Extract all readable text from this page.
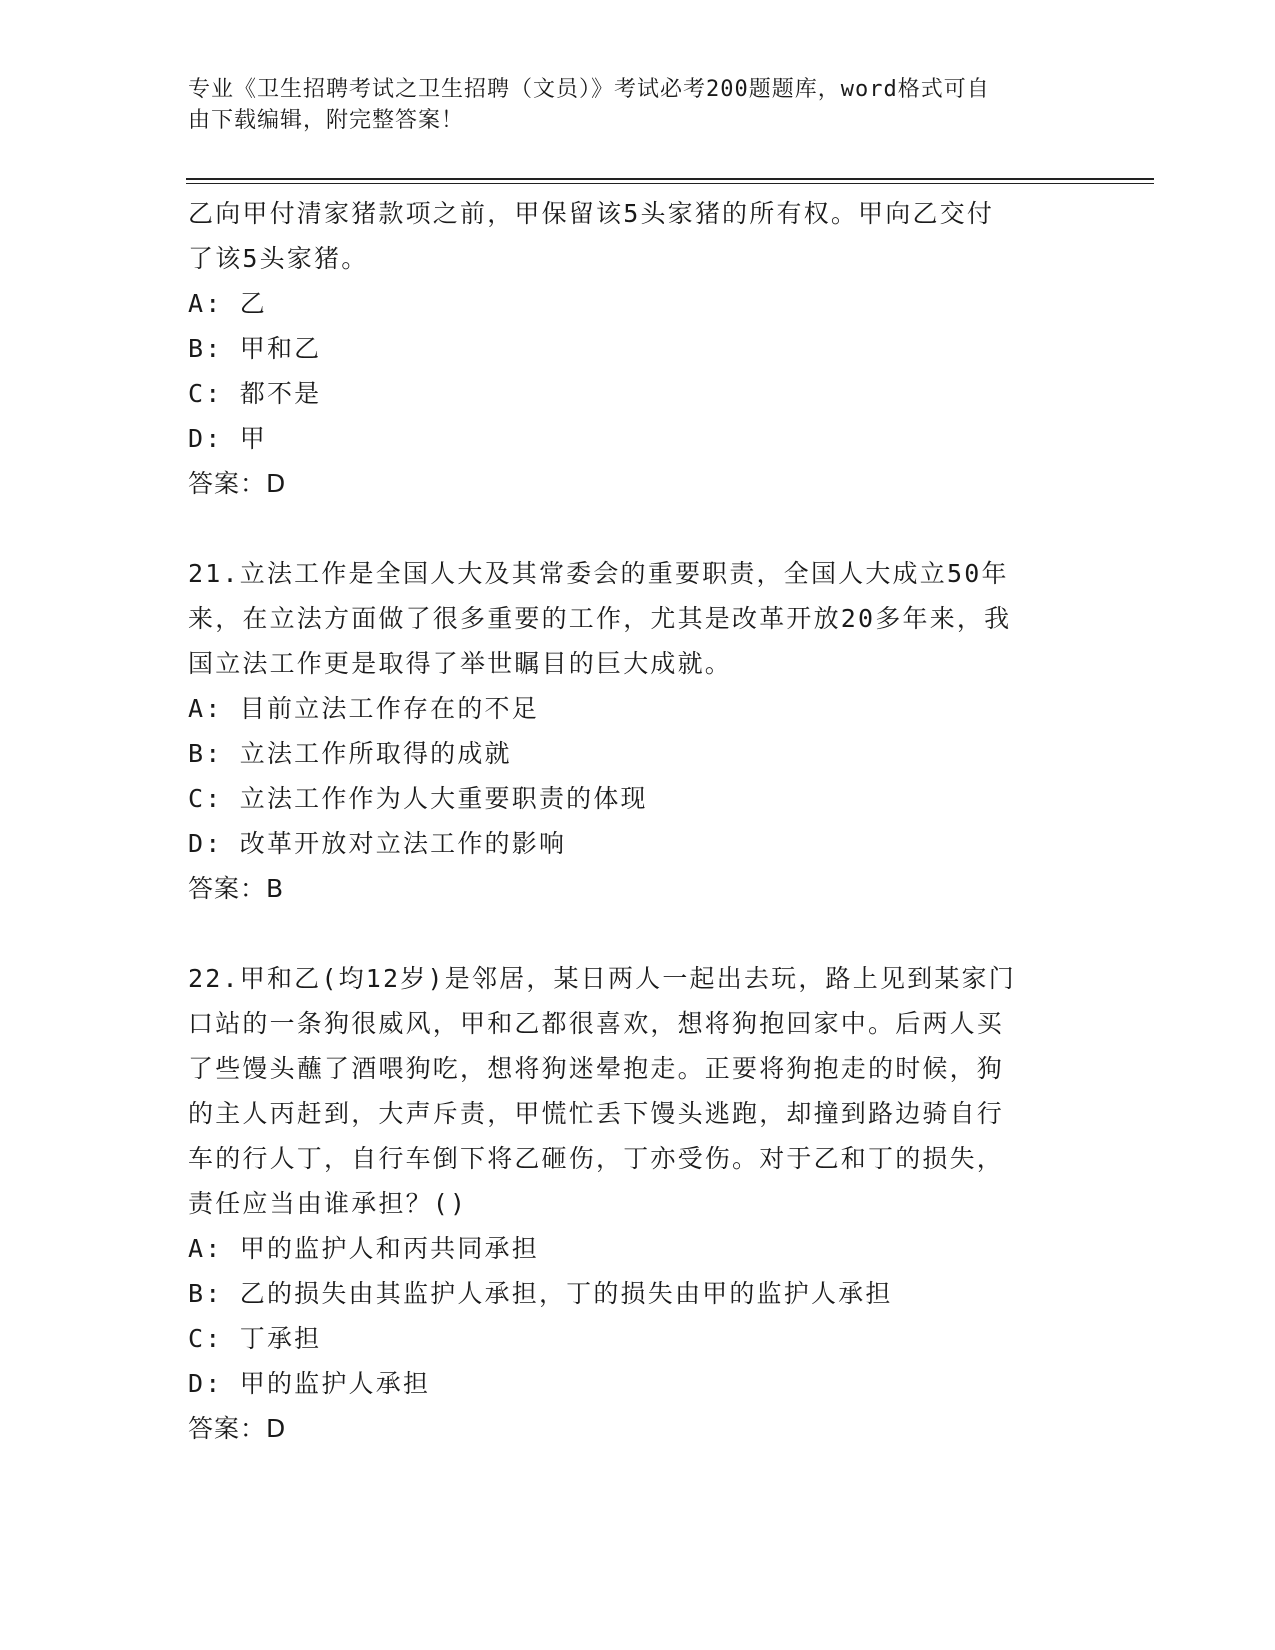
专业《卫生招聘考试之卫生招聘（文员）》考试必考200题题库，word格式可自
由下载编辑，附完整答案！
乙向甲付清家猪款项之前，甲保留该5头家猪的所有权。甲向乙交付
了该5头家猪。
A: 乙
B: 甲和乙
C: 都不是
D: 甲
答案：D
21.立法工作是全国人大及其常委会的重要职责，全国人大成立50年
来，在立法方面做了很多重要的工作，尤其是改革开放20多年来，我
国立法工作更是取得了举世瞩目的巨大成就。
A: 目前立法工作存在的不足
B: 立法工作所取得的成就
C: 立法工作作为人大重要职责的体现
D: 改革开放对立法工作的影响
答案：B
22.甲和乙(均12岁)是邻居，某日两人一起出去玩，路上见到某家门
口站的一条狗很威风，甲和乙都很喜欢，想将狗抱回家中。后两人买
了些馒头蘸了酒喂狗吃，想将狗迷晕抱走。正要将狗抱走的时候，狗
的主人丙赶到，大声斥责，甲慌忙丢下馒头逃跑，却撞到路边骑自行
车的行人丁，自行车倒下将乙砸伤，丁亦受伤。对于乙和丁的损失，
责任应当由谁承担？()
A: 甲的监护人和丙共同承担
B: 乙的损失由其监护人承担，丁的损失由甲的监护人承担
C: 丁承担
D: 甲的监护人承担
答案：D
